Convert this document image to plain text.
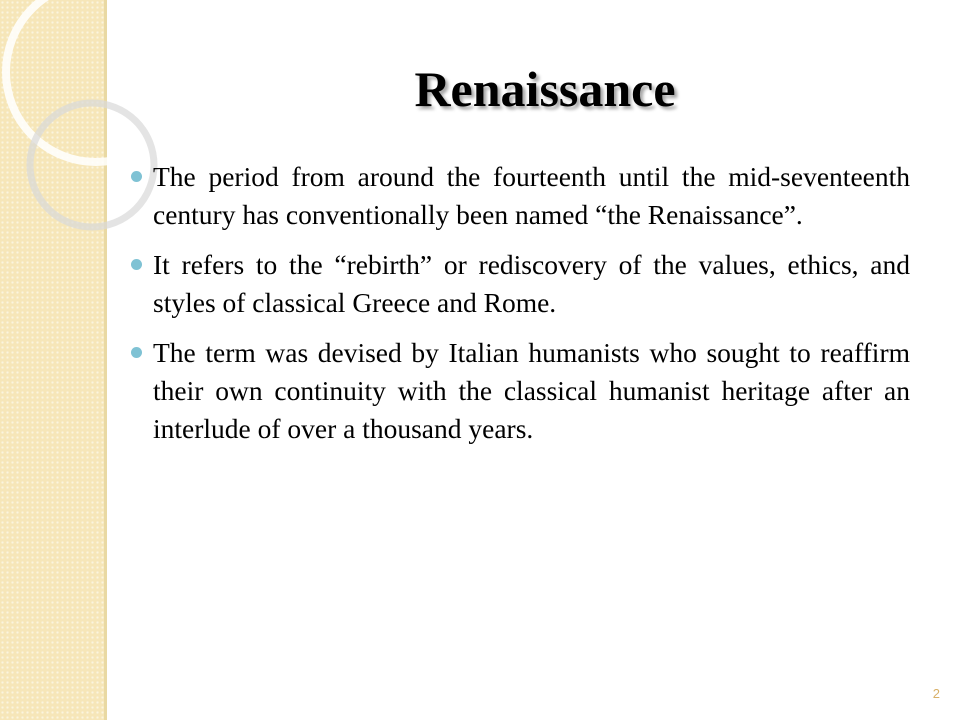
Renaissance
The period from around the fourteenth until the mid-seventeenth century has conventionally been named “the Renaissance”.
It refers to the “rebirth” or rediscovery of the values, ethics, and styles of classical Greece and Rome.
The term was devised by Italian humanists who sought to reaffirm their own continuity with the classical humanist heritage after an interlude of over a thousand years.
2
